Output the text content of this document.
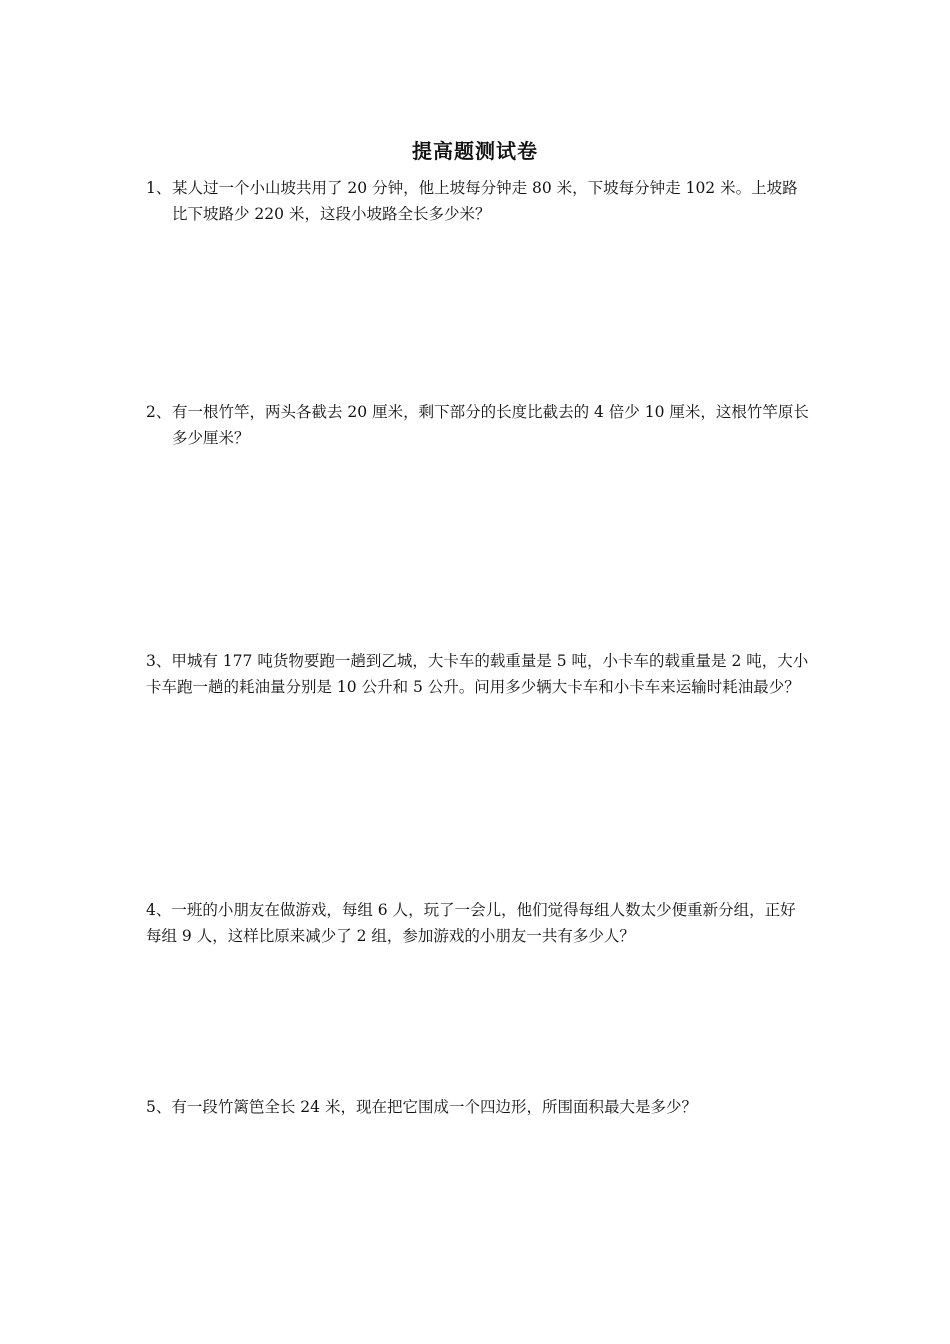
提高题测试卷
1、某人过一个小山坡共用了 20 分钟，他上坡每分钟走 80 米，下坡每分钟走 102 米。上坡路比下坡路少 220 米，这段小坡路全长多少米？
2、有一根竹竿，两头各截去 20 厘米，剩下部分的长度比截去的 4 倍少 10 厘米，这根竹竿原长多少厘米？
3、甲城有 177 吨货物要跑一趟到乙城，大卡车的载重量是 5 吨，小卡车的载重量是 2 吨，大小卡车跑一趟的耗油量分别是 10 公升和 5 公升。问用多少辆大卡车和小卡车来运输时耗油最少？
4、一班的小朋友在做游戏，每组 6 人，玩了一会儿，他们觉得每组人数太少便重新分组，正好每组 9 人，这样比原来减少了 2 组，参加游戏的小朋友一共有多少人？
5、有一段竹篱笆全长 24 米，现在把它围成一个四边形，所围面积最大是多少？
